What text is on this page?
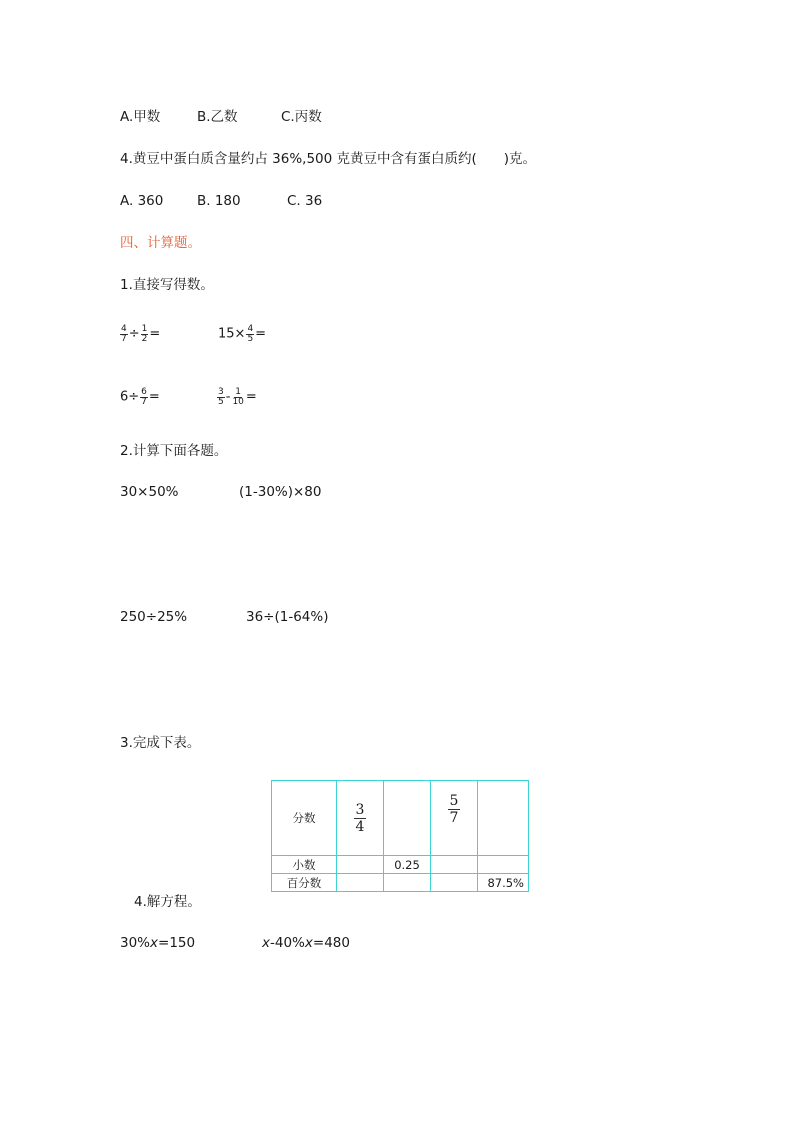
A.甲数	B.乙数	C.丙数
4.黄豆中蛋白质含量约占 36%,500 克黄豆中含有蛋白质约(　　)克。
A. 360 B. 180	C. 36
四、计算题。
1.直接写得数。
$\frac{4}{7} \div \frac{1}{2}$ =	$15\times \frac{4}{5}$ =
$6\div \frac{6}{7}$ =	$\frac{3}{5} - \frac{1}{10}$ =
2.计算下面各题。
30×50%	(1-30%)×80
250÷25%	36÷(1-64%)
3.完成下表。
分数	$\frac{3}{4}$		$\frac{5}{7}$

小数		0.25		
百分数				87.5%
4.解方程。
30%x=150	x-40%x=480
